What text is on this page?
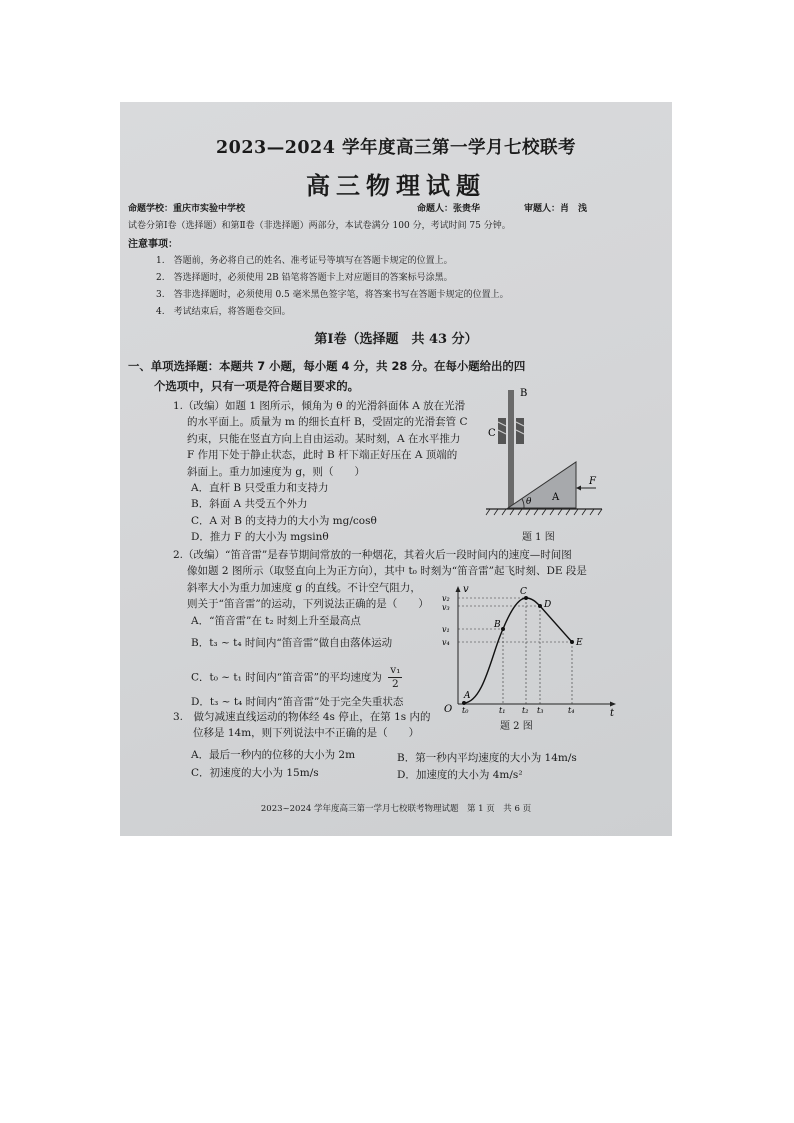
2023—2024 学年度高三第一学月七校联考
高三物理试题
命题学校：重庆市实验中学校	命题人：张贵华	审题人：肖　浅
试卷分第Ⅰ卷（选择题）和第Ⅱ卷（非选择题）两部分，本试卷满分 100 分，考试时间 75 分钟。
注意事项：
1.　答题前，务必将自己的姓名、准考证号等填写在答题卡规定的位置上。
2.　答选择题时，必须使用 2B 铅笔将答题卡上对应题目的答案标号涂黑。
3.　答非选择题时，必须使用 0.5 毫米黑色签字笔，将答案书写在答题卡规定的位置上。
4.　考试结束后，将答题卷交回。
第Ⅰ卷（选择题　共 43 分）
一、单项选择题：本题共 7 小题，每小题 4 分，共 28 分。在每小题给出的四
个选项中，只有一项是符合题目要求的。
1.（改编）如题 1 图所示，倾角为 θ 的光滑斜面体 A 放在光滑
的水平面上。质量为 m 的细长直杆 B，受固定的光滑套管 C
约束，只能在竖直方向上自由运动。某时刻，A 在水平推力
F 作用下处于静止状态，此时 B 杆下端正好压在 A 顶端的
斜面上。重力加速度为 g，则（　　）
A．直杆 B 只受重力和支持力
B．斜面 A 共受五个外力
C．A 对 B 的支持力的大小为 mg/cosθ
D．推力 F 的大小为 mgsinθ
B
C
A
F
θ
题 1 图
2.（改编）“笛音雷”是春节期间常放的一种烟花，其着火后一段时间内的速度—时间图
像如题 2 图所示（取竖直向上为正方向），其中 t₀ 时刻为“笛音雷”起飞时刻、DE 段是
斜率大小为重力加速度 g 的直线。不计空气阻力，
则关于“笛音雷”的运动，下列说法正确的是（　　）
A．“笛音雷”在 t₂ 时刻上升至最高点
B．t₃ ~ t₄ 时间内“笛音雷”做自由落体运动
C．t₀ ~ t₁ 时间内“笛音雷”的平均速度为 $\frac{\text{v₁}}{2}$
D．t₃ ~ t₄ 时间内“笛音雷”处于完全失重状态
v
t
O
v₂
v₃
v₁
v₄
t₀	t₁ t₂ t₃	t₄
A
B
C
D
E
题 2 图
3.　做匀减速直线运动的物体经 4s 停止，在第 1s 内的
位移是 14m，则下列说法中不正确的是（　　）
A．最后一秒内的位移的大小为 2m	B．第一秒内平均速度的大小为 14m/s
C．初速度的大小为 15m/s	D．加速度的大小为 4m/s²
2023~2024 学年度高三第一学月七校联考物理试题　第 1 页　共 6 页
